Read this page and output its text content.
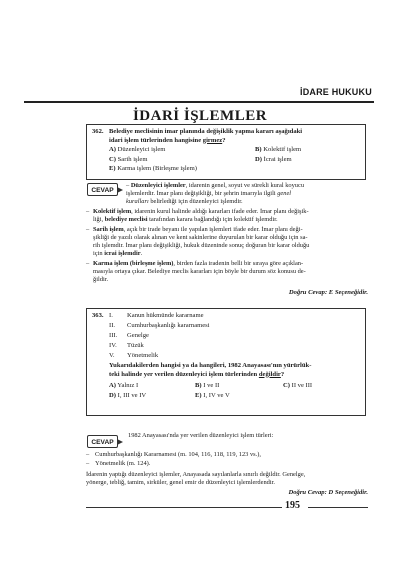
İDARE HUKUKU
İDARİ İŞLEMLER
362. Belediye meclisinin imar planında değişiklik yapma kararı aşağıdaki
idari işlem türlerinden hangisine girmez?
A) Düzenleyici işlem	B) Kolektif işlem
C) Sarih işlem	D) İcrai işlem
E) Karma işlem (Birleşme işlem)
CEVAP
– Düzenleyici işlemler, idarenin genel, soyut ve sürekli kural koyucu
işlemlerdir. İmar planı değişikliği, bir şehrin imarıyla ilgili genel
kuralları belirlediği için düzenleyici işlemdir.
– Kolektif işlem, idarenin kurul halinde aldığı kararları ifade eder. İmar planı değişik-
liği, belediye meclisi tarafından karara bağlandığı için kolektif işlemdir.
– Sarih işlem, açık bir irade beyanı ile yapılan işlemleri ifade eder. İmar planı deği-
şikliği de yazılı olarak alınan ve kent sakinlerine duyurulan bir karar olduğu için sa-
rih işlemdir. İmar planı değişikliği, hukuk düzeninde sonuç doğuran bir karar olduğu
için icrai işlemdir.
– Karma işlem (birleşme işlem), birden fazla iradenin belli bir sıraya göre açıklan-
masıyla ortaya çıkar. Belediye meclis kararları için böyle bir durum söz konusu de-
ğildir.
Doğru Cevap: E Seçeneğidir.
363. I. Kanun hükmünde kararname
II. Cumhurbaşkanlığı kararnamesi
III. Genelge
IV. Tüzük
V. Yönetmelik
Yukarıdakilerden hangisi ya da hangileri, 1982 Anayasası'nın yürürlük-
teki halinde yer verilen düzenleyici işlem türlerinden değildir?
A) Yalnız I	B) I ve II	C) II ve III
D) I, III ve IV	E) I, IV ve V
CEVAP
1982 Anayasası'nda yer verilen düzenleyici işlem türleri:
– Cumhurbaşkanlığı Kararnamesi (m. 104, 116, 118, 119, 123 vs.),
– Yönetmelik (m. 124).
İdarenin yaptığı düzenleyici işlemler, Anayasada sayılanlarla sınırlı değildir. Genelge,
yönerge, tebliğ, tamim, sirküler, genel emir de düzenleyici işlemlerdendir.
Doğru Cevap: D Seçeneğidir.
195
